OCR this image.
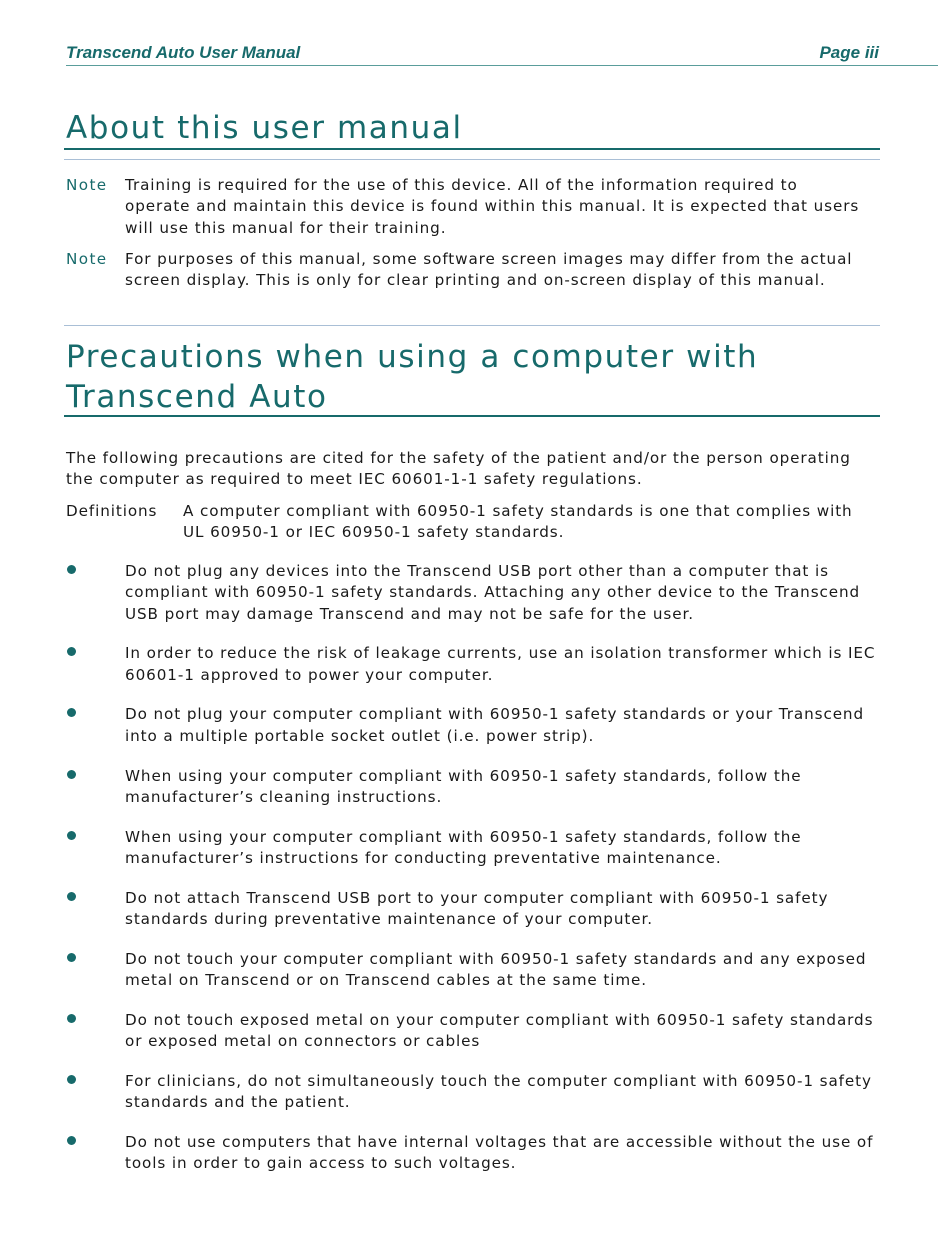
Transcend Auto User Manual	Page iii
About this user manual
Note Training is required for the use of this device. All of the information required to operate and maintain this device is found within this manual. It is expected that users will use this manual for their training.
Note For purposes of this manual, some software screen images may differ from the actual screen display. This is only for clear printing and on-screen display of this manual.
Precautions when using a computer with
Transcend Auto

The following precautions are cited for the safety of the patient and/or the person operating the computer as required to meet IEC 60601-1-1 safety regulations.

Definitions A computer compliant with 60950-1 safety standards is one that complies with UL 60950-1 or IEC 60950-1 safety standards.
Do not plug any devices into the Transcend USB port other than a computer that is compliant with 60950-1 safety standards. Attaching any other device to the Transcend USB port may damage Transcend and may not be safe for the user.
In order to reduce the risk of leakage currents, use an isolation transformer which is IEC 60601-1 approved to power your computer.
Do not plug your computer compliant with 60950-1 safety standards or your Transcend into a multiple portable socket outlet (i.e. power strip).
When using your computer compliant with 60950-1 safety standards, follow the manufacturer’s cleaning instructions.
When using your computer compliant with 60950-1 safety standards, follow the manufacturer’s instructions for conducting preventative maintenance.
Do not attach Transcend USB port to your computer compliant with 60950-1 safety standards during preventative maintenance of your computer.
Do not touch your computer compliant with 60950-1 safety standards and any exposed metal on Transcend or on Transcend cables at the same time.
Do not touch exposed metal on your computer compliant with 60950-1 safety standards or exposed metal on connectors or cables
For clinicians, do not simultaneously touch the computer compliant with 60950-1 safety standards and the patient.
Do not use computers that have internal voltages that are accessible without the use of tools in order to gain access to such voltages.
